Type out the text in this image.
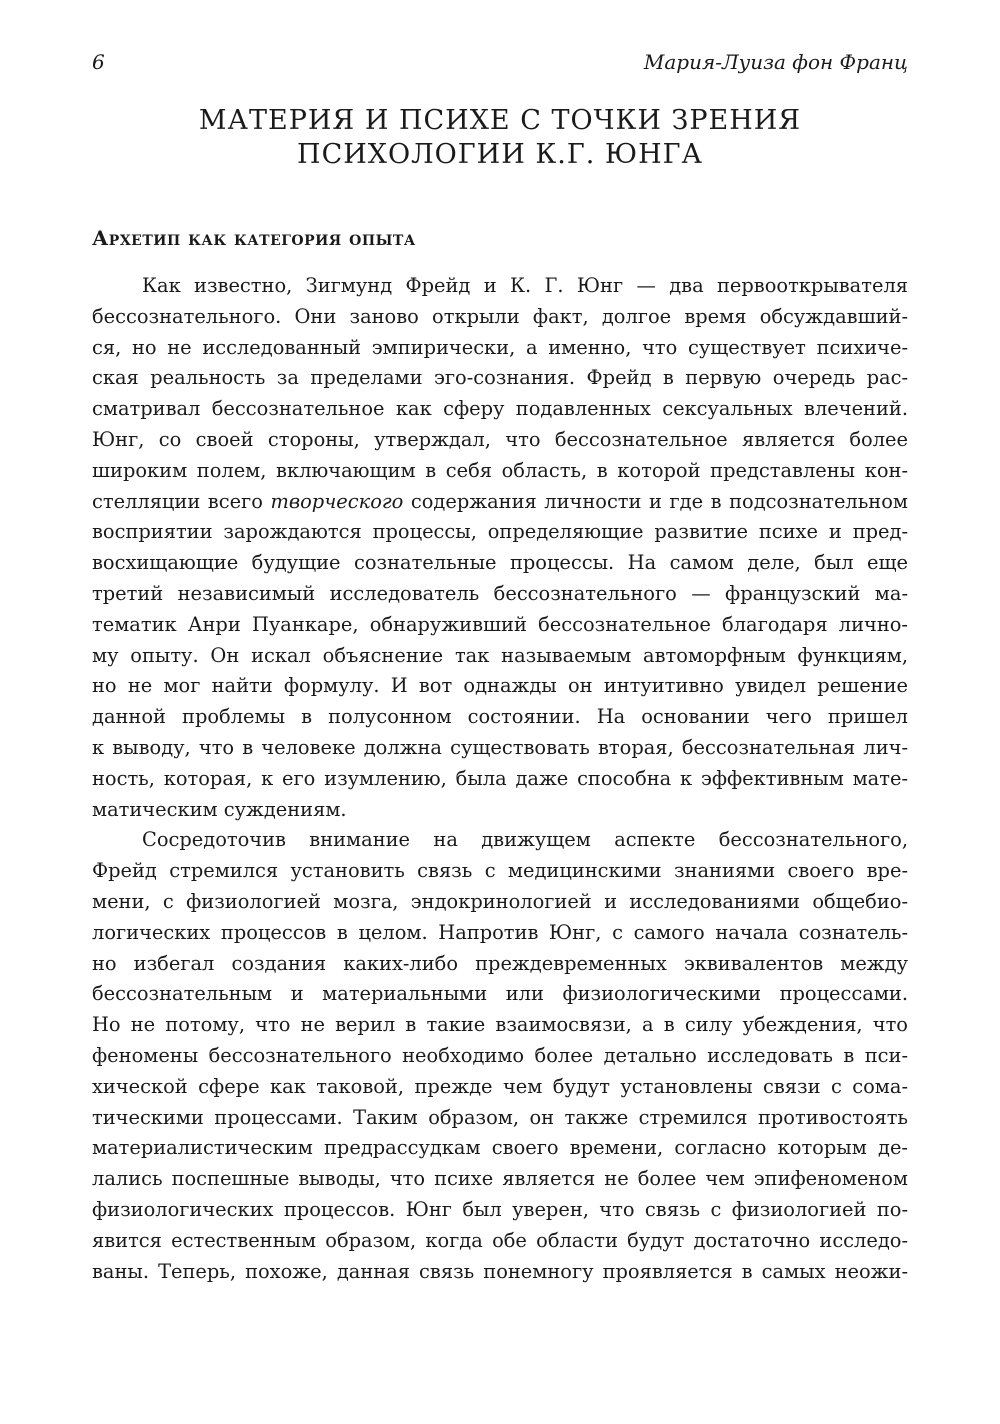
6	Мария-Луиза фон Франц
МАТЕРИЯ И ПСИХЕ С ТОЧКИ ЗРЕНИЯ
ПСИХОЛОГИИ К.Г. ЮНГА
Архетип как категория опыта
Как известно, Зигмунд Фрейд и К. Г. Юнг — два первооткрывателя
бессознательного. Они заново открыли факт, долгое время обсуждавший-
ся, но не исследованный эмпирически, а именно, что существует психиче-
ская реальность за пределами эго-сознания. Фрейд в первую очередь рас-
сматривал бессознательное как сферу подавленных сексуальных влечений.
Юнг, со своей стороны, утверждал, что бессознательное является более
широким полем, включающим в себя область, в которой представлены кон-
стелляции всего творческого содержания личности и где в подсознательном
восприятии зарождаются процессы, определяющие развитие психе и пред-
восхищающие будущие сознательные процессы. На самом деле, был еще
третий независимый исследователь бессознательного — французский ма-
тематик Анри Пуанкаре, обнаруживший бессознательное благодаря лично-
му опыту. Он искал объяснение так называемым автоморфным функциям,
но не мог найти формулу. И вот однажды он интуитивно увидел решение
данной проблемы в полусонном состоянии. На основании чего пришел
к выводу, что в человеке должна существовать вторая, бессознательная лич-
ность, которая, к его изумлению, была даже способна к эффективным мате-
матическим суждениям.
Сосредоточив внимание на движущем аспекте бессознательного,
Фрейд стремился установить связь с медицинскими знаниями своего вре-
мени, с физиологией мозга, эндокринологией и исследованиями общебио-
логических процессов в целом. Напротив Юнг, с самого начала сознатель-
но избегал создания каких-либо преждевременных эквивалентов между
бессознательным и материальными или физиологическими процессами.
Но не потому, что не верил в такие взаимосвязи, а в силу убеждения, что
феномены бессознательного необходимо более детально исследовать в пси-
хической сфере как таковой, прежде чем будут установлены связи с сома-
тическими процессами. Таким образом, он также стремился противостоять
материалистическим предрассудкам своего времени, согласно которым де-
лались поспешные выводы, что психе является не более чем эпифеноменом
физиологических процессов. Юнг был уверен, что связь с физиологией по-
явится естественным образом, когда обе области будут достаточно исследо-
ваны. Теперь, похоже, данная связь понемногу проявляется в самых неожи-
